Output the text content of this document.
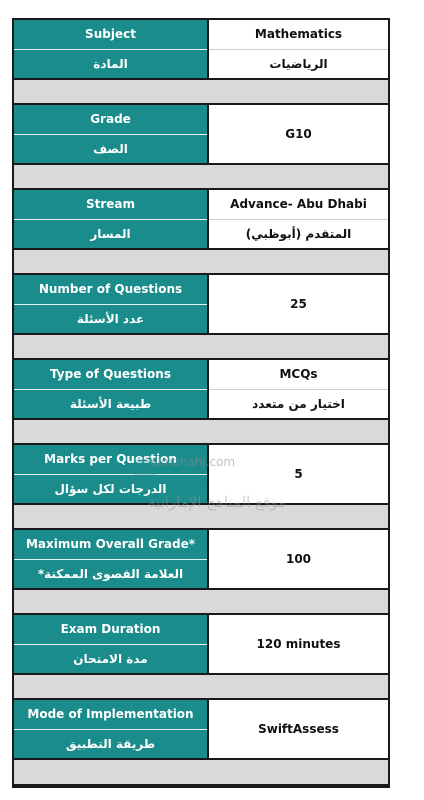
Subject
المادة
Mathematics
الرياضيات
Grade
الصف
G10
Stream
المسار
Advance- Abu Dhabi
المتقدم (أبوظبي)
Number of Questions
عدد الأسئلة
25
Type of Questions
طبيعة الأسئلة
MCQs
اختيار من متعدد
Marks per Question
الدرجات لكل سؤال
5
Maximum Overall Grade*
العلامة القصوى الممكنة*
100
Exam Duration
مدة الامتحان
120 minutes
Mode of Implementation
طريقة التطبيق
SwiftAssess
almanahj.com
موقع المناهج الإماراتية
